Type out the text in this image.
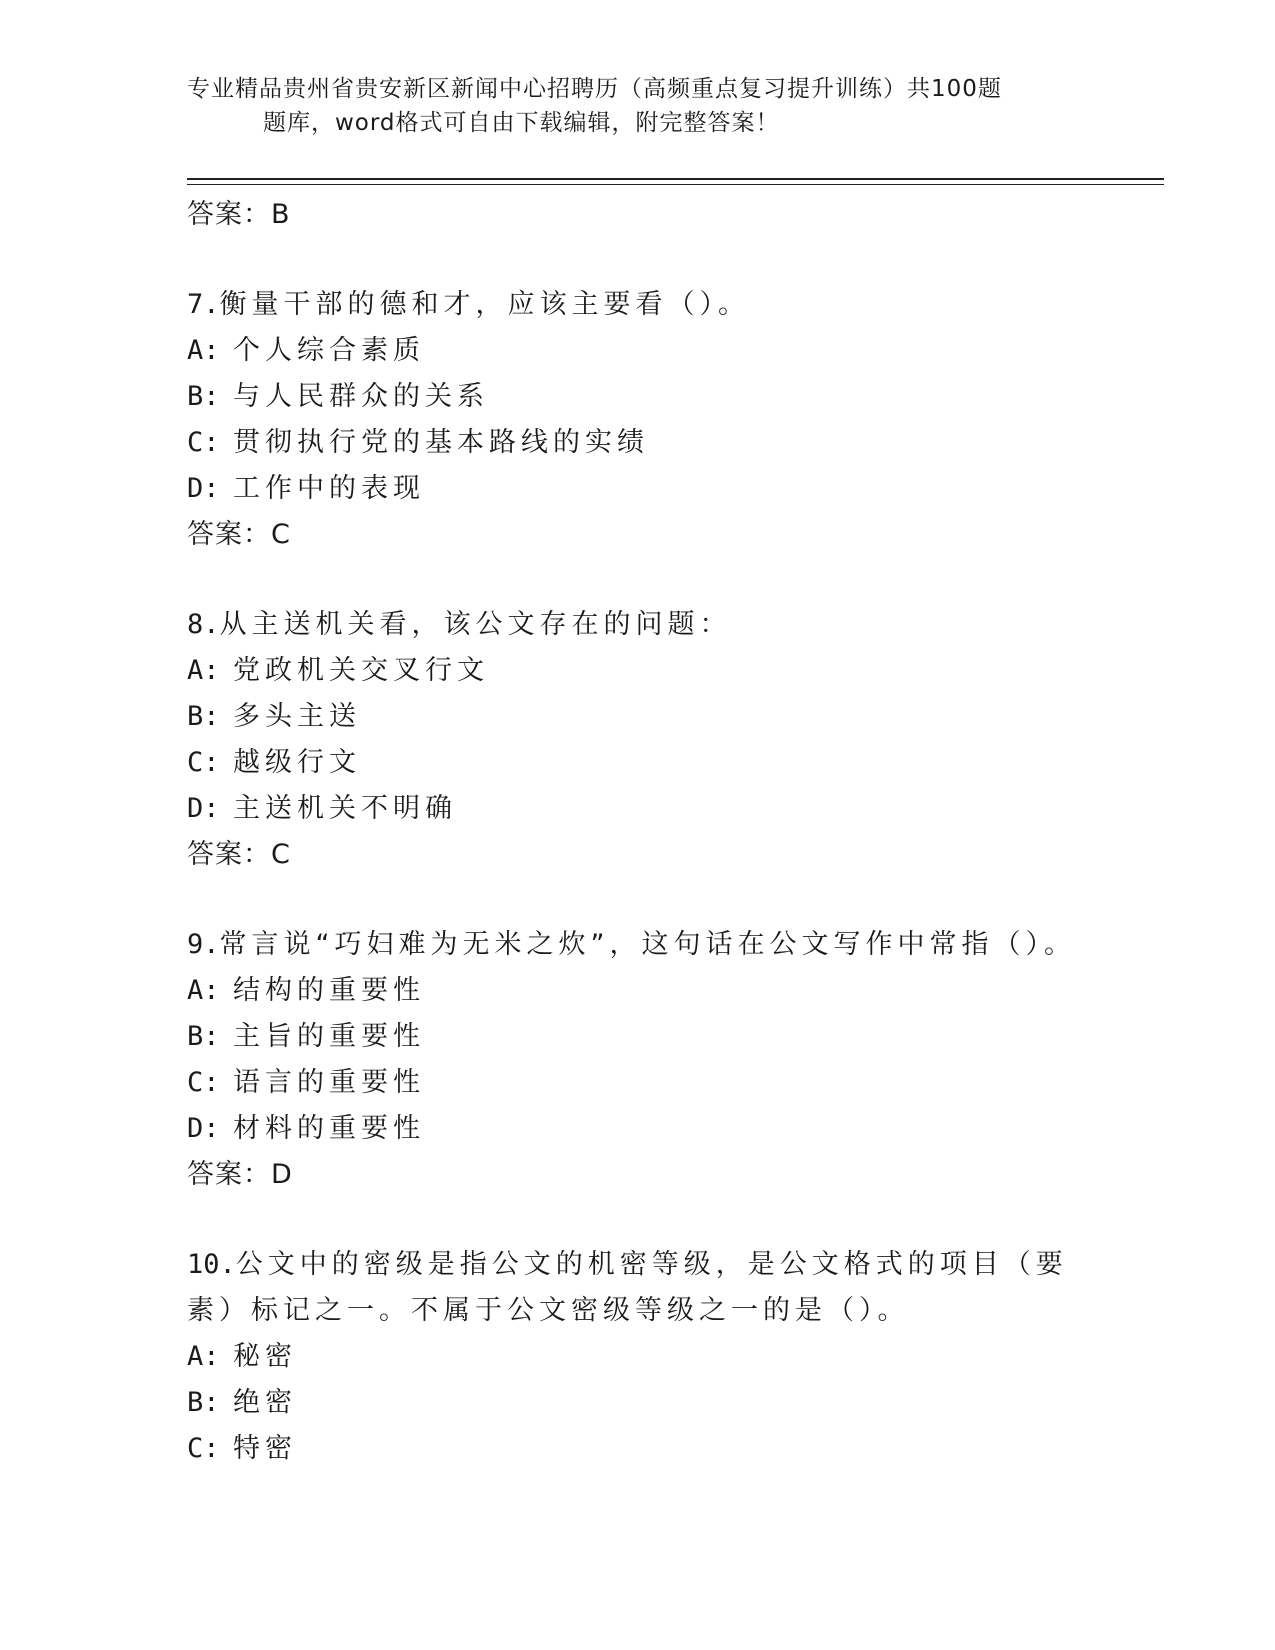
专业精品贵州省贵安新区新闻中心招聘历（高频重点复习提升训练）共100题
题库，word格式可自由下载编辑，附完整答案！
答案：B
7.衡量干部的德和才，应该主要看（）。
A: 个人综合素质
B: 与人民群众的关系
C: 贯彻执行党的基本路线的实绩
D: 工作中的表现
答案：C
8.从主送机关看，该公文存在的问题：
A: 党政机关交叉行文
B: 多头主送
C: 越级行文
D: 主送机关不明确
答案：C
9.常言说“巧妇难为无米之炊”，这句话在公文写作中常指（）。
A: 结构的重要性
B: 主旨的重要性
C: 语言的重要性
D: 材料的重要性
答案：D
10.公文中的密级是指公文的机密等级，是公文格式的项目（要素）标记之一。不属于公文密级等级之一的是（）。
A: 秘密
B: 绝密
C: 特密
